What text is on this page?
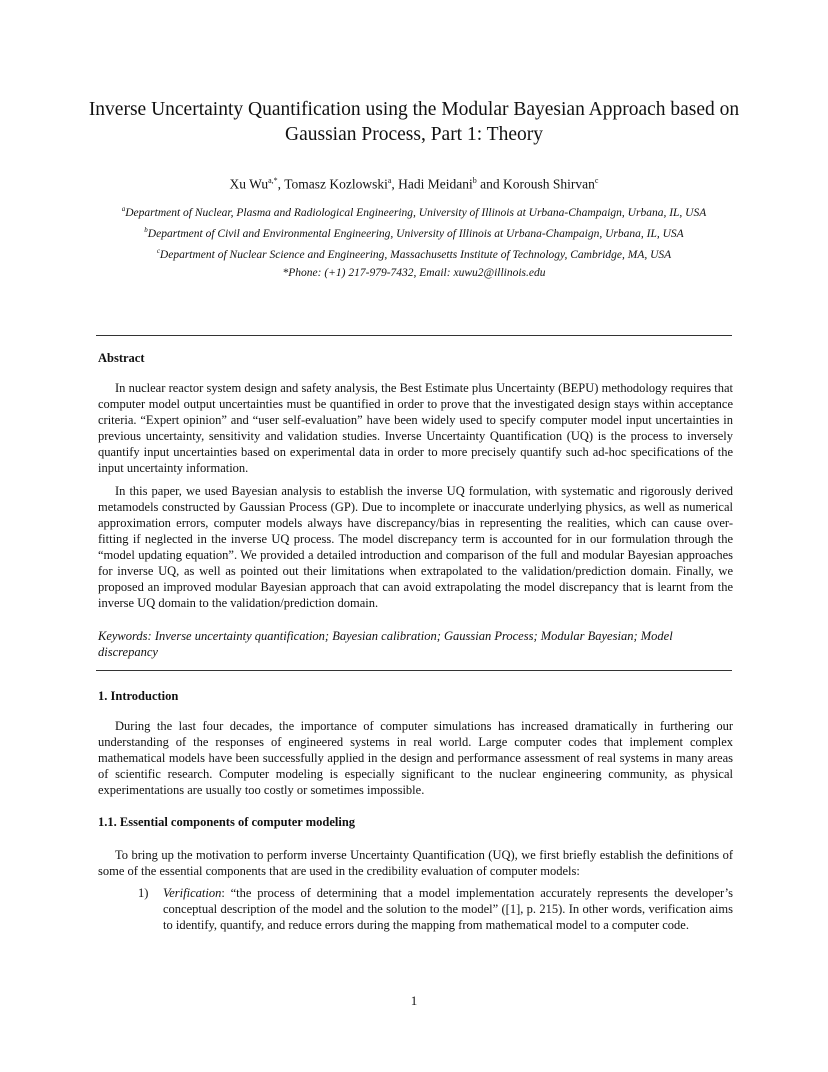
Inverse Uncertainty Quantification using the Modular Bayesian Approach based on Gaussian Process, Part 1: Theory
Xu $Wu^{a,*}$, Tomasz Kozlowski$^a$, Hadi Meidani$^b$ and Koroush Shirvan$^c$
$^a$Department of Nuclear, Plasma and Radiological Engineering, University of Illinois at Urbana-Champaign, Urbana, IL, USA
$^b$Department of Civil and Environmental Engineering, University of Illinois at Urbana-Champaign, Urbana, IL, USA
$^c$Department of Nuclear Science and Engineering, Massachusetts Institute of Technology, Cambridge, MA, USA
*Phone: (+1) 217-979-7432, Email: xuwu2@illinois.edu
Abstract

In nuclear reactor system design and safety analysis, the Best Estimate plus Uncertainty (BEPU) methodology requires that computer model output uncertainties must be quantified in order to prove that the investigated design stays within acceptance criteria. “Expert opinion” and “user self-evaluation” have been widely used to specify computer model input uncertainties in previous uncertainty, sensitivity and validation studies. Inverse Uncertainty Quantification (UQ) is the process to inversely quantify input uncertainties based on experimental data in order to more precisely quantify such ad-hoc specifications of the input uncertainty information.

In this paper, we used Bayesian analysis to establish the inverse UQ formulation, with systematic and rigorously derived metamodels constructed by Gaussian Process (GP). Due to incomplete or inaccurate underlying physics, as well as numerical approximation errors, computer models always have discrepancy/bias in representing the realities, which can cause over-fitting if neglected in the inverse UQ process. The model discrepancy term is accounted for in our formulation through the “model updating equation”. We provided a detailed introduction and comparison of the full and modular Bayesian approaches for inverse UQ, as well as pointed out their limitations when extrapolated to the validation/prediction domain. Finally, we proposed an improved modular Bayesian approach that can avoid extrapolating the model discrepancy that is learnt from the inverse UQ domain to the validation/prediction domain.

Keywords: Inverse uncertainty quantification; Bayesian calibration; Gaussian Process; Modular Bayesian; Model discrepancy

1. Introduction

During the last four decades, the importance of computer simulations has increased dramatically in furthering our understanding of the responses of engineered systems in real world. Large computer codes that implement complex mathematical models have been successfully applied in the design and performance assessment of real systems in many areas of scientific research. Computer modeling is especially significant to the nuclear engineering community, as physical experimentations are usually too costly or sometimes impossible.

1.1. Essential components of computer modeling

To bring up the motivation to perform inverse Uncertainty Quantification (UQ), we first briefly establish the definitions of some of the essential components that are used in the credibility evaluation of computer models:

1)	Verification: “the process of determining that a model implementation accurately represents the developer’s conceptual description of the model and the solution to the model” ([1], p. 215). In other words, verification aims to identify, quantify, and reduce errors during the mapping from mathematical model to a computer code.
1
